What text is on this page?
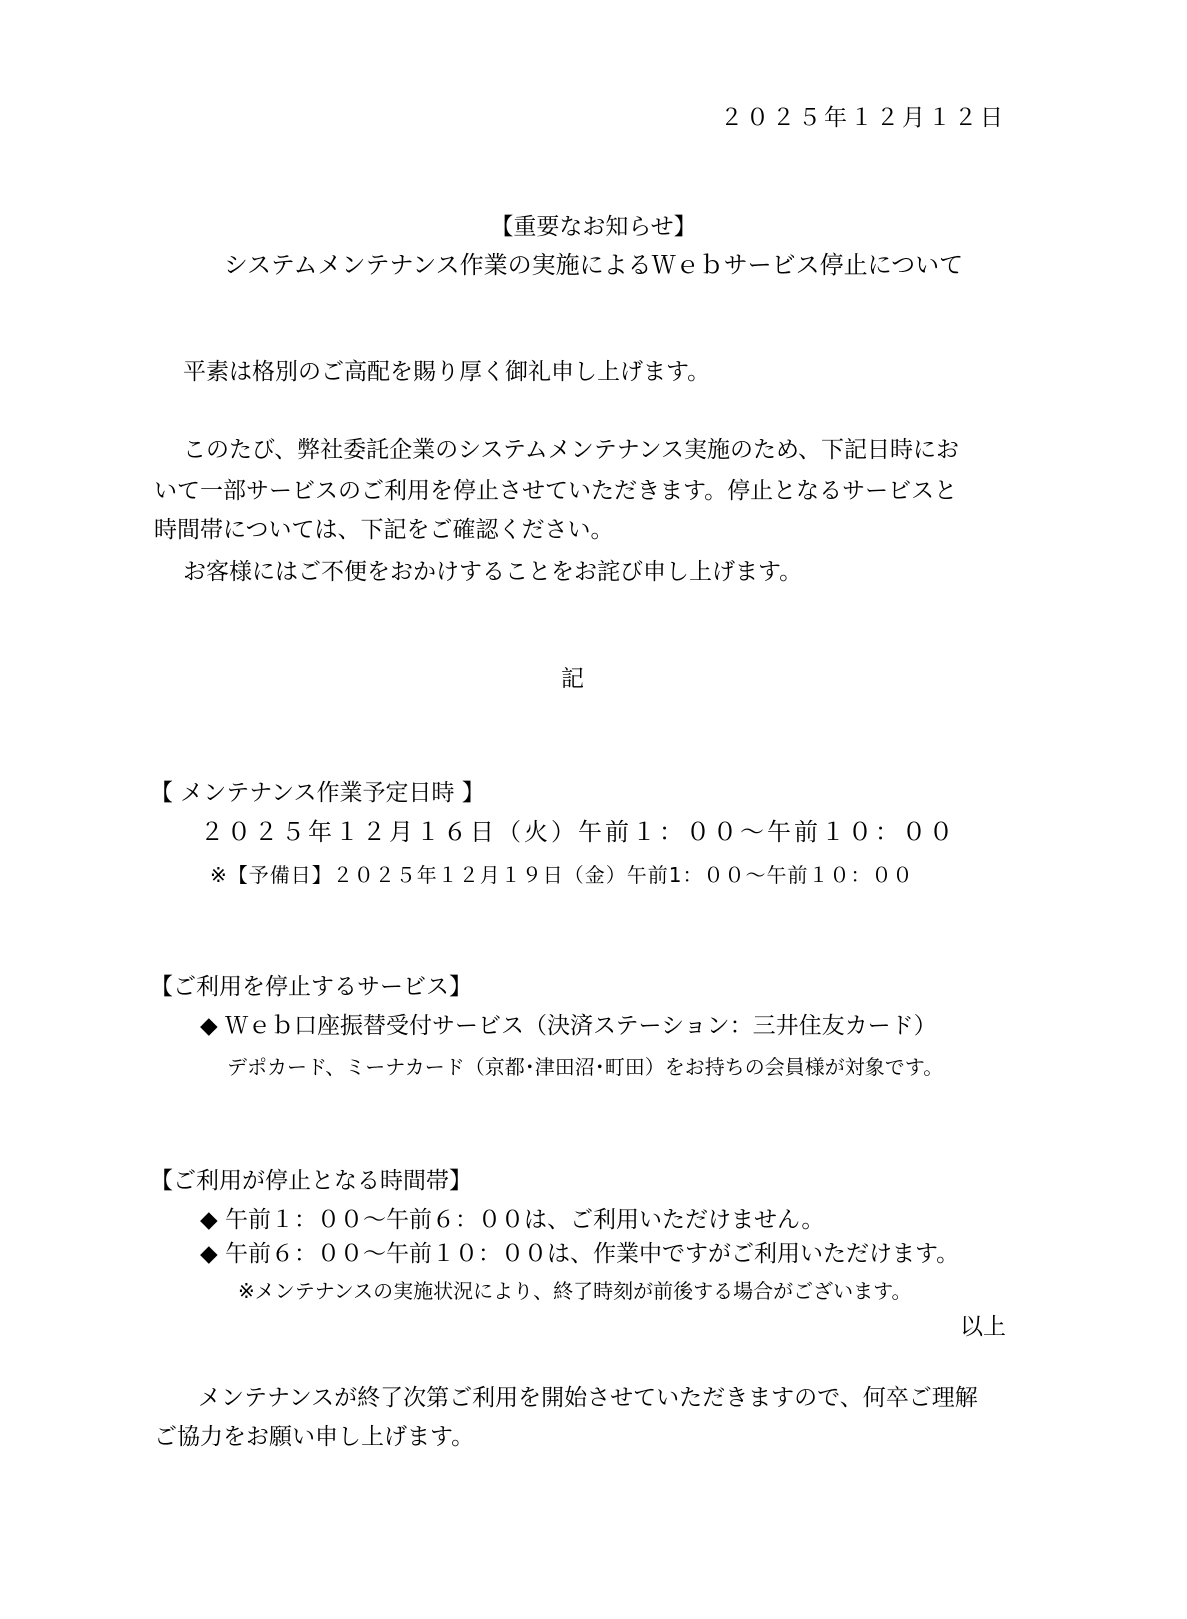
２０２５年１２月１２日
【重要なお知らせ】
システムメンテナンス作業の実施によるＷｅｂサービス停止について
平素は格別のご高配を賜り厚く御礼申し上げます。
このたび、弊社委託企業のシステムメンテナンス実施のため、下記日時にお
いて一部サービスのご利用を停止させていただきます。停止となるサービスと
時間帯については、下記をご確認ください。
お客様にはご不便をおかけすることをお詫び申し上げます。
記
【 メンテナンス作業予定日時 】
２０２５年１２月１６日（火）午前１：００～午前１０：００
※【予備日】２０２５年１２月１９日（金）午前1：００～午前１０：００
【ご利用を停止するサービス】
◆ Ｗｅｂ口座振替受付サービス（決済ステーション：三井住友カード）
デポカード、ミーナカード（京都･津田沼･町田）をお持ちの会員様が対象です。
【ご利用が停止となる時間帯】
◆ 午前１：００～午前６：００は、ご利用いただけません。
◆ 午前６：００～午前１０：００は、作業中ですがご利用いただけます。
※メンテナンスの実施状況により、終了時刻が前後する場合がございます。
以上
メンテナンスが終了次第ご利用を開始させていただきますので、何卒ご理解
ご協力をお願い申し上げます。
